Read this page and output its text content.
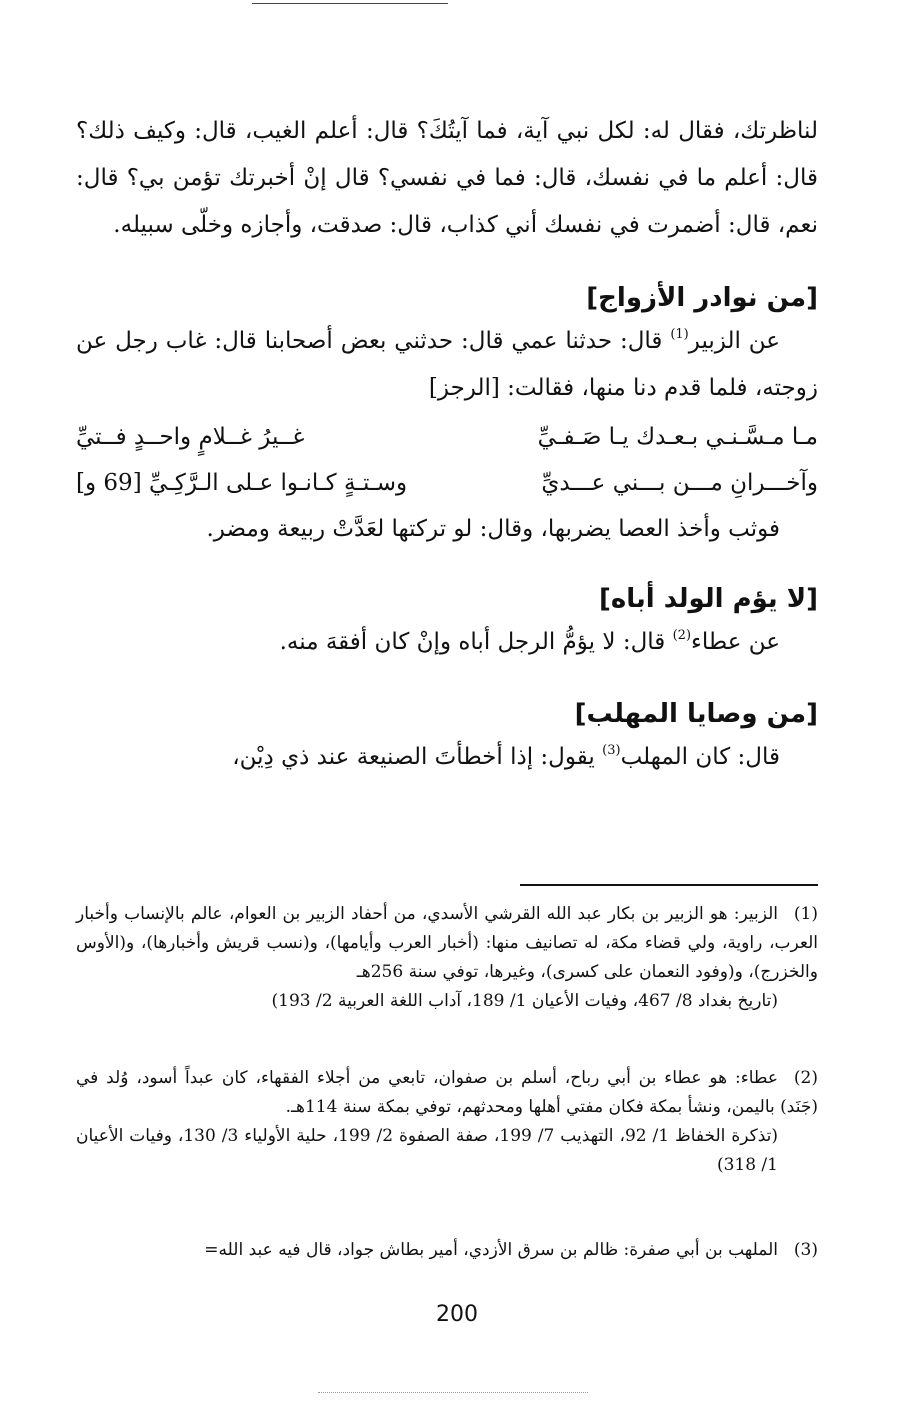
لناظرتك، فقال له: لكل نبي آية، فما آيتُكَ؟ قال: أعلم الغيب، قال: وكيف ذلك؟ قال: أعلم ما في نفسك، قال: فما في نفسي؟ قال إنْ أخبرتك تؤمن بي؟ قال: نعم، قال: أضمرت في نفسك أني كذاب، قال: صدقت، وأجازه وخلّى سبيله.

[من نوادر الأزواج]

عن الزبير$^{(1)}$ قال: حدثنا عمي قال: حدثني بعض أصحابنا قال: غاب رجل عن زوجته، فلما قدم دنا منها، فقالت: [الرجز]

مـا مـسَّـنـي بـعـدك يـا صَـفـيِّ
غــيرُ غــلامٍ واحــدٍ فــتيِّ
وآخـــرانِ مـــن بـــني عـــديِّ
وسـتـةٍ كـانـوا عـلى الـرَّكِـيِّ [69 و]

فوثب وأخذ العصا يضربها، وقال: لو تركتها لعَدَّتْ ربيعة ومضر.

[لا يؤم الولد أباه]

عن عطاء$^{(2)}$ قال: لا يؤمُّ الرجل أباه وإنْ كان أفقهَ منه.

[من وصايا المهلب]

قال: كان المهلب$^{(3)}$ يقول: إذا أخطأتَ الصنيعة عند ذي دِيْن،

(1)الزبير: هو الزبير بن بكار عبد الله القرشي الأسدي، من أحفاد الزبير بن العوام، عالم بالإنساب وأخبار العرب، راوية، ولي قضاء مكة، له تصانيف منها: (أخبار العرب وأيامها)، و(نسب قريش وأخبارها)، و(الأوس والخزرج)، و(وفود النعمان على كسرى)، وغيرها، توفي سنة 256هـ

(تاريخ بغداد 8/ 467، وفيات الأعيان 1/ 189، آداب اللغة العربية 2/ 193)

(2)عطاء: هو عطاء بن أبي رباح، أسلم بن صفوان، تابعي من أجلاء الفقهاء، كان عبداً أسود، وُلد في (جَنَد) باليمن، ونشأ بمكة فكان مفتي أهلها ومحدثهم، توفي بمكة سنة 114هـ.

(تذكرة الخفاظ 1/ 92، التهذيب 7/ 199، صفة الصفوة 2/ 199، حلية الأولياء 3/ 130، وفيات الأعيان 1/ 318)

(3)الملهب بن أبي صفرة: ظالم بن سرق الأزدي، أمير بطاش جواد، قال فيه عبد الله=

200
